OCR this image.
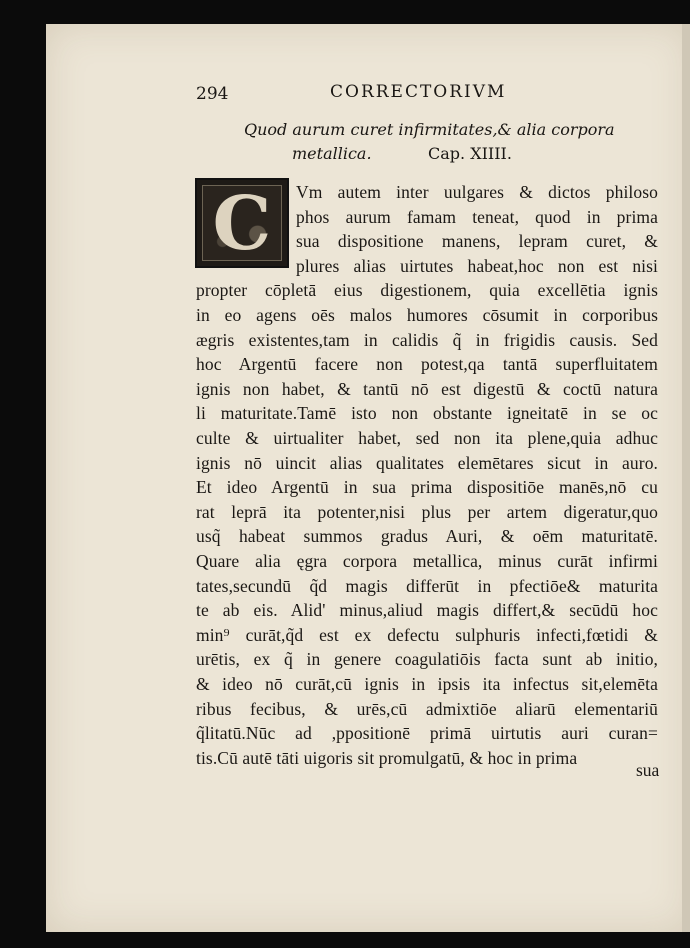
294	CORRECTORIVM
Quod aurum curet infirmitates,& alia corpora
metallica.	Cap. XIIII.
C	Vm autem inter uulgares & dictos philoso
phos aurum famam teneat, quod in prima
sua dispositione manens, lepram curet, &
plures alias uirtutes habeat,hoc non est nisi
propter cōpletā eius digestionem, quia excellētia ignis
in eo agens oēs malos humores cōsumit in corporibus
ægris existentes,tam in calidis q̃ in frigidis causis. Sed
hoc Argentū facere non potest,qa tantā superfluitatem
ignis non habet, & tantū nō est digestū & coctū natura
li maturitate.Tamē isto non obstante igneitatē in se oc
culte & uirtualiter habet, sed non ita plene,quia adhuc
ignis nō uincit alias qualitates elemētares sicut in auro.
Et ideo Argentū in sua prima dispositiōe manēs,nō cu
rat leprā ita potenter,nisi plus per artem digeratur,quo
usq̃ habeat summos gradus Auri, & oēm maturitatē.
Quare alia ęgra corpora metallica, minus curāt infirmi
tates,secundū q̃d magis differūt in pfectiōe& maturita
te ab eis. Alid' minus,aliud magis differt,& secūdū hoc
min⁹ curāt,q̃d est ex defectu sulphuris infecti,fœtidi &
urētis, ex q̃ in genere coagulatiōis facta sunt ab initio,
& ideo nō curāt,cū ignis in ipsis ita infectus sit,elemēta
ribus fecibus, & urēs,cū admixtiōe aliarū elementariū
q̃litatū.Nūc ad ,ppositionē primā uirtutis auri curan=
tis.Cū autē tāti uigoris sit promulgatū, & hoc in prima
sua
